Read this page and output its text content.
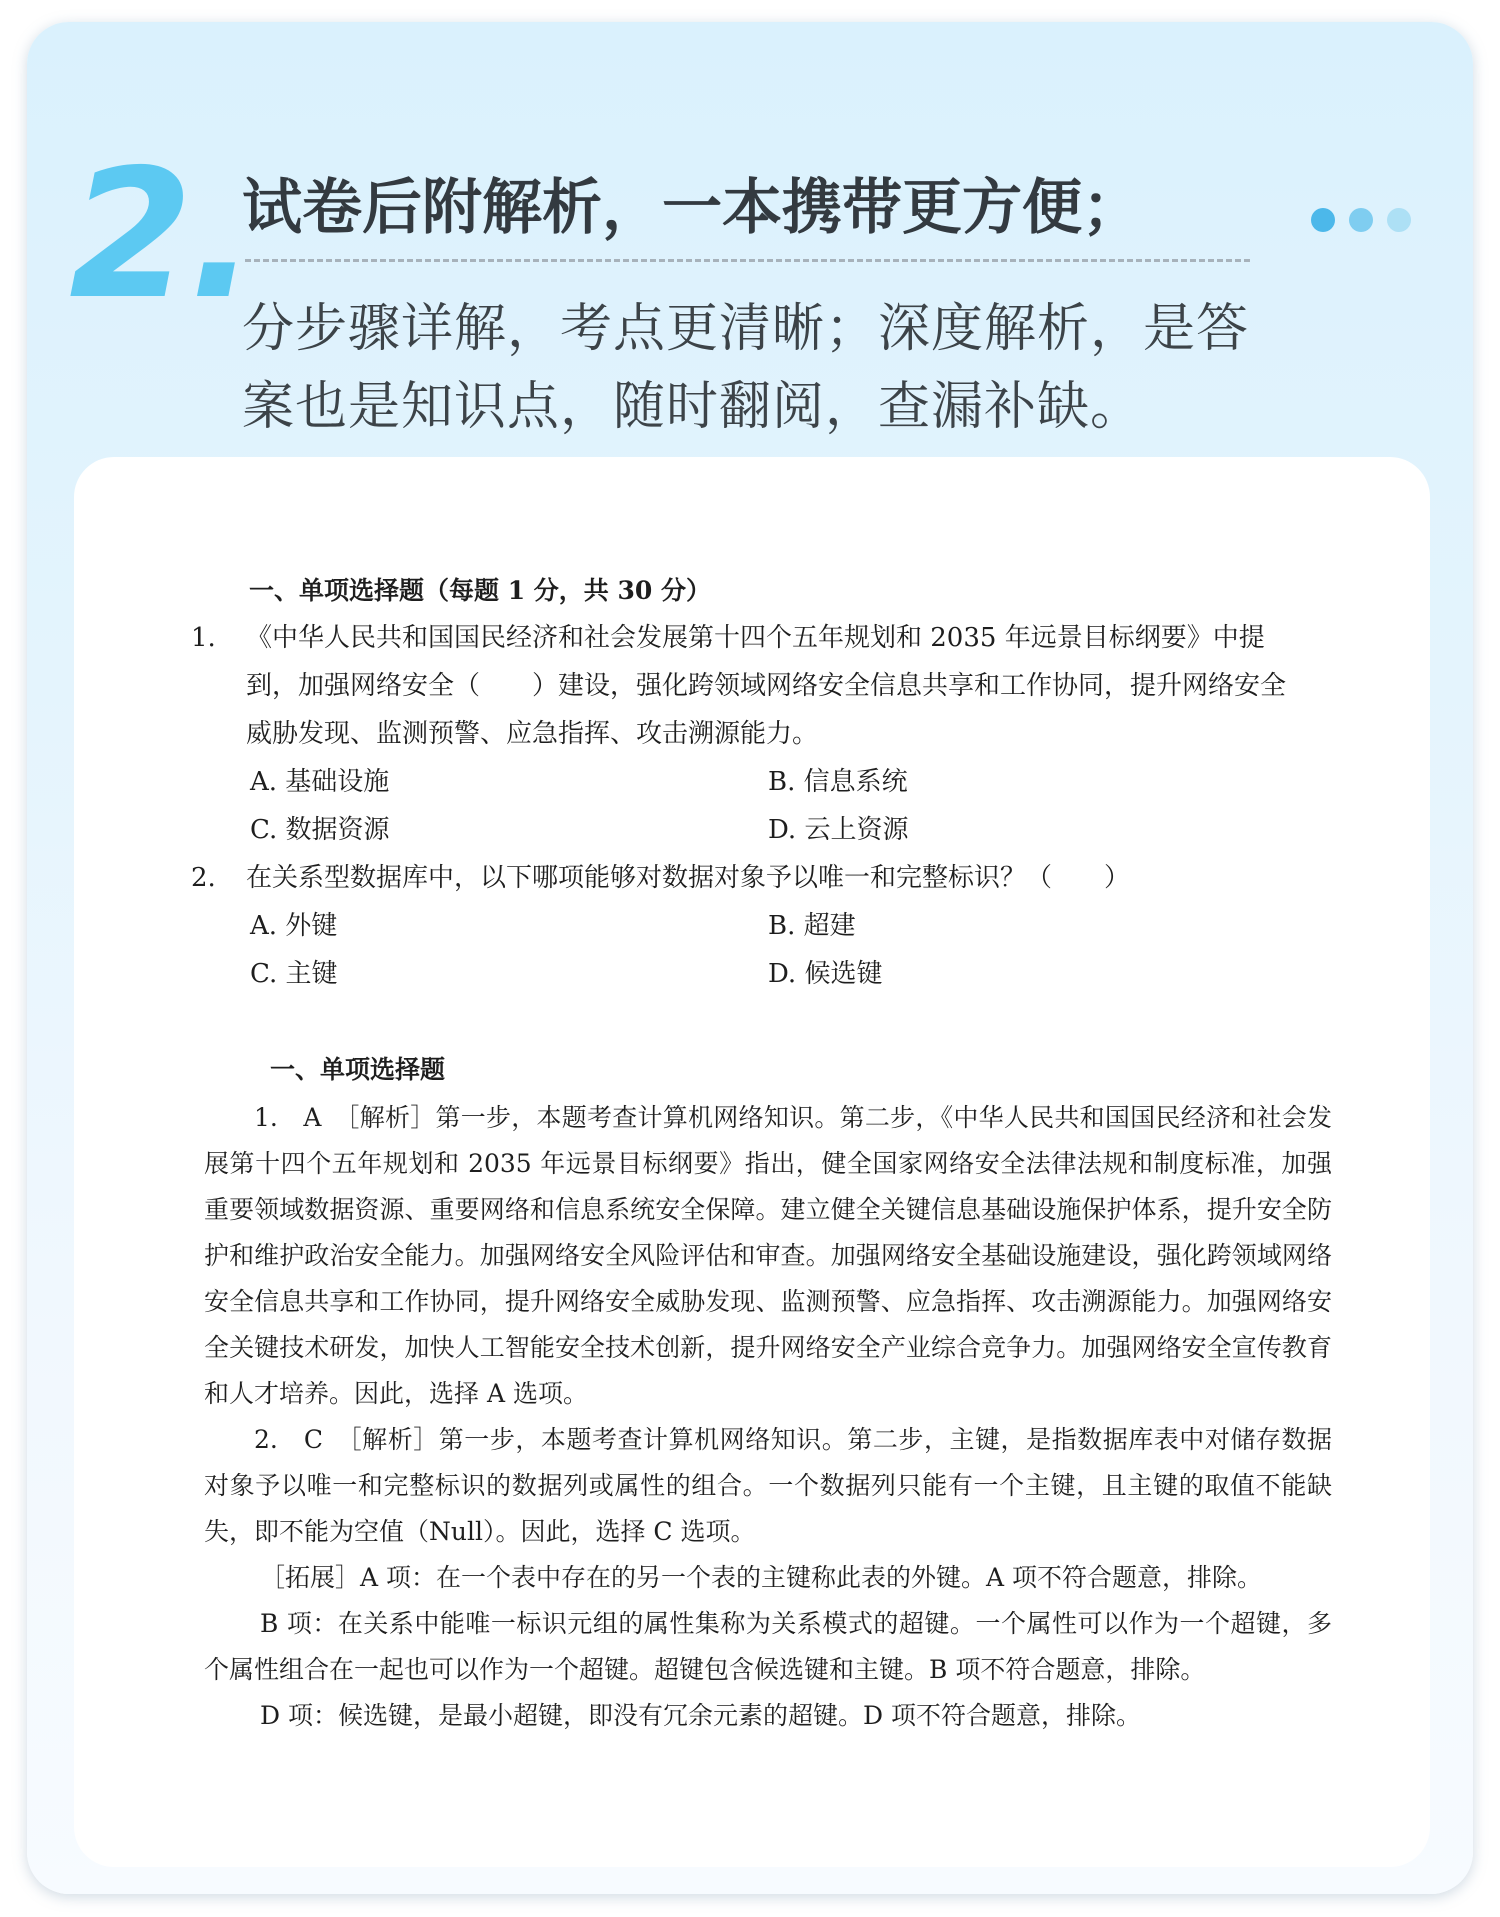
2.
试卷后附解析，一本携带更方便；
分步骤详解，考点更清晰；深度解析，是答
案也是知识点，随时翻阅，查漏补缺。
一、单项选择题（每题 1 分，共 30 分）
1. 《中华人民共和国国民经济和社会发展第十四个五年规划和 2035 年远景目标纲要》中提
到，加强网络安全（　　）建设，强化跨领域网络安全信息共享和工作协同，提升网络安全
威胁发现、监测预警、应急指挥、攻击溯源能力。
A. 基础设施	B. 信息系统
C. 数据资源	D. 云上资源
2. 在关系型数据库中，以下哪项能够对数据对象予以唯一和完整标识？（　　）
A. 外键	B. 超建
C. 主键	D. 候选键
一、单项选择题

1.　A　［解析］第一步，本题考查计算机网络知识。第二步，《中华人民共和国国民经济和社会发展第十四个五年规划和 2035 年远景目标纲要》指出，健全国家网络安全法律法规和制度标准，加强重要领域数据资源、重要网络和信息系统安全保障。建立健全关键信息基础设施保护体系，提升安全防护和维护政治安全能力。加强网络安全风险评估和审查。加强网络安全基础设施建设，强化跨领域网络安全信息共享和工作协同，提升网络安全威胁发现、监测预警、应急指挥、攻击溯源能力。加强网络安全关键技术研发，加快人工智能安全技术创新，提升网络安全产业综合竞争力。加强网络安全宣传教育和人才培养。因此，选择 A 选项。

2.　C　［解析］第一步，本题考查计算机网络知识。第二步，主键，是指数据库表中对储存数据对象予以唯一和完整标识的数据列或属性的组合。一个数据列只能有一个主键，且主键的取值不能缺失，即不能为空值（Null）。因此，选择 C 选项。

［拓展］A 项：在一个表中存在的另一个表的主键称此表的外键。A 项不符合题意，排除。

B 项：在关系中能唯一标识元组的属性集称为关系模式的超键。一个属性可以作为一个超键，多个属性组合在一起也可以作为一个超键。超键包含候选键和主键。B 项不符合题意，排除。

D 项：候选键，是最小超键，即没有冗余元素的超键。D 项不符合题意，排除。
